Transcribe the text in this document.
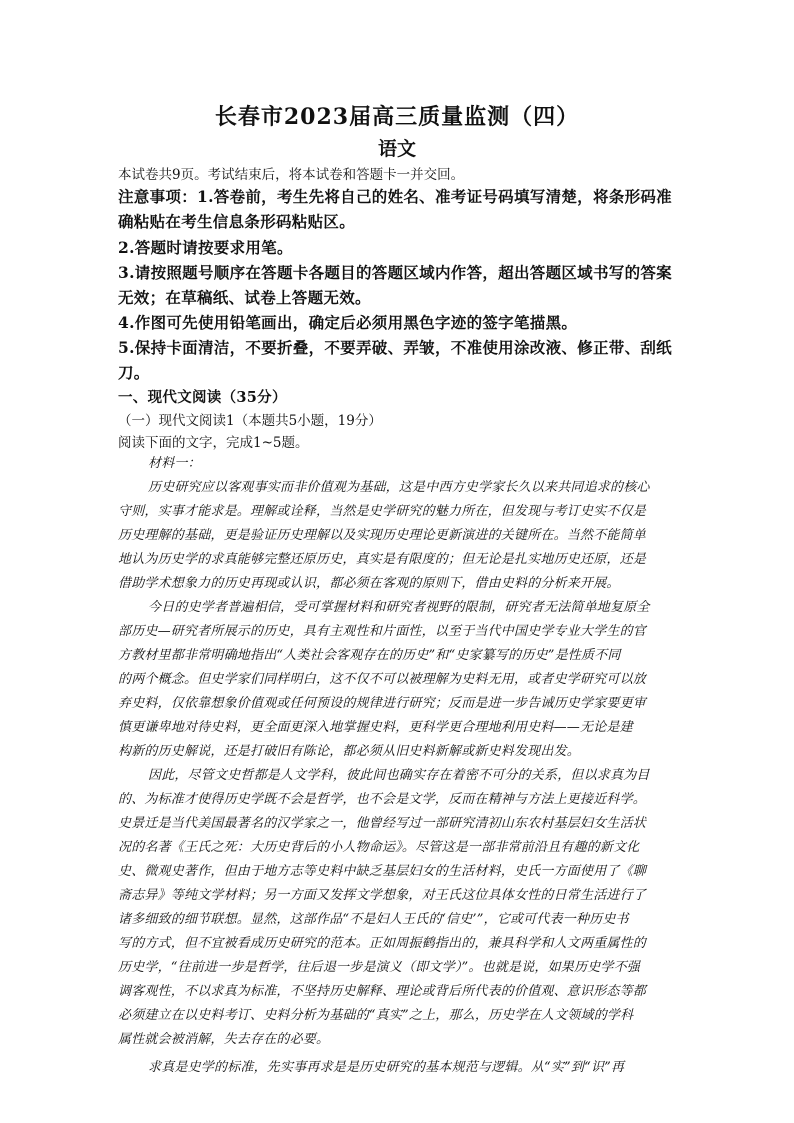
长春市2023届高三质量监测（四）
语文
本试卷共9页。考试结束后，将本试卷和答题卡一并交回。
注意事项：1.答卷前，考生先将自己的姓名、准考证号码填写清楚，将条形码准
确粘贴在考生信息条形码粘贴区。
2.答题时请按要求用笔。
3.请按照题号顺序在答题卡各题目的答题区域内作答，超出答题区域书写的答案
无效；在草稿纸、试卷上答题无效。
4.作图可先使用铅笔画出，确定后必须用黑色字迹的签字笔描黑。
5.保持卡面清洁，不要折叠，不要弄破、弄皱，不准使用涂改液、修正带、刮纸
刀。
一、现代文阅读（35分）
（一）现代文阅读1（本题共5小题，19分）
阅读下面的文字，完成1~5题。
材料一：
历史研究应以客观事实而非价值观为基础，这是中西方史学家长久以来共同追求的核心
守则，实事才能求是。理解或诠释，当然是史学研究的魅力所在，但发现与考订史实不仅是
历史理解的基础，更是验证历史理解以及实现历史理论更新演进的关键所在。当然不能简单
地认为历史学的求真能够完整还原历史，真实是有限度的；但无论是扎实地历史还原，还是
借助学术想象力的历史再现或认识，都必须在客观的原则下，借由史料的分析来开展。
今日的史学者普遍相信，受可掌握材料和研究者视野的限制，研究者无法简单地复原全
部历史—研究者所展示的历史，具有主观性和片面性，以至于当代中国史学专业大学生的官
方教材里都非常明确地指出“人类社会客观存在的历史”和“史家纂写的历史”是性质不同
的两个概念。但史学家们同样明白，这不仅不可以被理解为史料无用，或者史学研究可以放
弃史料，仅依靠想象价值观或任何预设的规律进行研究；反而是进一步告诫历史学家要更审
慎更谦卑地对待史料，更全面更深入地掌握史料，更科学更合理地利用史料——无论是建
构新的历史解说，还是打破旧有陈论，都必须从旧史料新解或新史料发现出发。
因此，尽管文史哲都是人文学科，彼此间也确实存在着密不可分的关系，但以求真为目
的、为标准才使得历史学既不会是哲学，也不会是文学，反而在精神与方法上更接近科学。
史景迁是当代美国最著名的汉学家之一，他曾经写过一部研究清初山东农村基层妇女生活状
况的名著《王氏之死：大历史背后的小人物命运》。尽管这是一部非常前沿且有趣的新文化
史、微观史著作，但由于地方志等史料中缺乏基层妇女的生活材料，史氏一方面使用了《聊
斋志异》等纯文学材料；另一方面又发挥文学想象，对王氏这位具体女性的日常生活进行了
诸多细致的细节联想。显然，这部作品“不是妇人王氏的‘信史’”，它或可代表一种历史书
写的方式，但不宜被看成历史研究的范本。正如周振鹤指出的，兼具科学和人文两重属性的
历史学，“往前进一步是哲学，往后退一步是演义（即文学）”。也就是说，如果历史学不强
调客观性，不以求真为标准，不坚持历史解释、理论或背后所代表的价值观、意识形态等都
必须建立在以史料考订、史料分析为基础的“真实”之上，那么，历史学在人文领域的学科
属性就会被消解，失去存在的必要。
求真是史学的标准，先实事再求是是历史研究的基本规范与逻辑。从“实”到“识”再
